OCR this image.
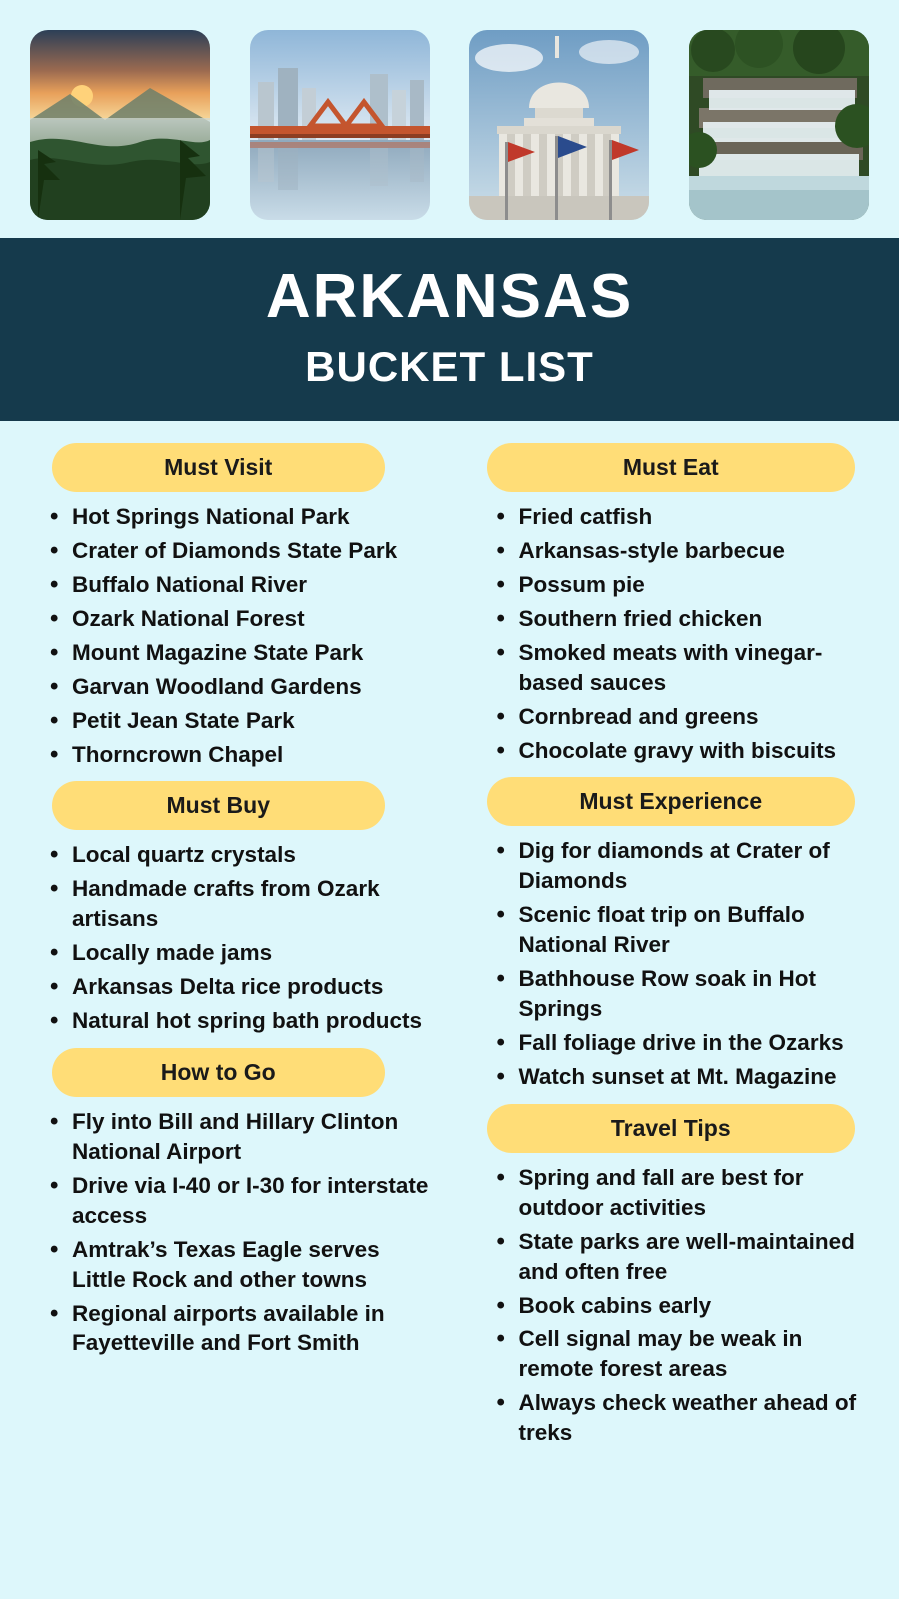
ARKANSAS
BUCKET LIST
Must Visit
• Hot Springs National Park
• Crater of Diamonds State Park
• Buffalo National River
• Ozark National Forest
• Mount Magazine State Park
• Garvan Woodland Gardens
• Petit Jean State Park
• Thorncrown Chapel
Must Buy
• Local quartz crystals
• Handmade crafts from Ozark artisans
• Locally made jams
• Arkansas Delta rice products
• Natural hot spring bath products
How to Go
• Fly into Bill and Hillary Clinton National Airport
• Drive via I-40 or I-30 for interstate access
• Amtrak’s Texas Eagle serves Little Rock and other towns
• Regional airports available in Fayetteville and Fort Smith
Must Eat
• Fried catfish
• Arkansas-style barbecue
• Possum pie
• Southern fried chicken
• Smoked meats with vinegar-based sauces
• Cornbread and greens
• Chocolate gravy with biscuits
Must Experience
• Dig for diamonds at Crater of Diamonds
• Scenic float trip on Buffalo National River
• Bathhouse Row soak in Hot Springs
• Fall foliage drive in the Ozarks
• Watch sunset at Mt. Magazine
Travel Tips
• Spring and fall are best for outdoor activities
• State parks are well-maintained and often free
• Book cabins early
• Cell signal may be weak in remote forest areas
• Always check weather ahead of treks
